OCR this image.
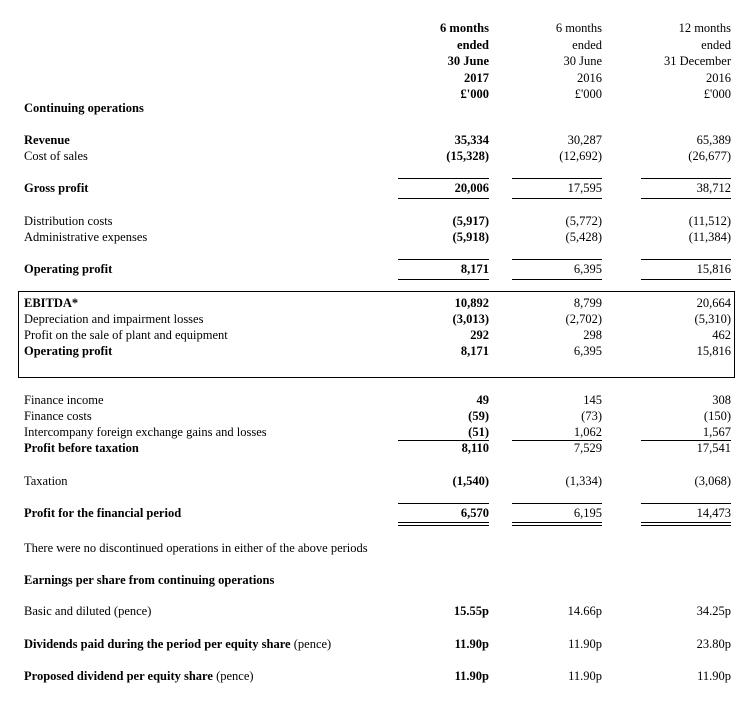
6 months
ended
30 June
2017
£'000
6 months
ended
30 June
2016
£'000
12 months
ended
31 December
2016
£'000
Continuing operations
Revenue	35,334	30,287	65,389
Cost of sales	(15,328)	(12,692)	(26,677)
Gross profit	20,006	17,595	38,712
Distribution costs	(5,917)	(5,772)	(11,512)
Administrative expenses	(5,918)	(5,428)	(11,384)
Operating profit	8,171	6,395	15,816
EBITDA*	10,892	8,799	20,664
Depreciation and impairment losses	(3,013)	(2,702)	(5,310)
Profit on the sale of plant and equipment	292	298	462
Operating profit	8,171	6,395	15,816
Finance income	49	145	308
Finance costs	(59)	(73)	(150)
Intercompany foreign exchange gains and losses	(51)	1,062	1,567
Profit before taxation	8,110	7,529	17,541
Taxation	(1,540)	(1,334)	(3,068)
Profit for the financial period	6,570	6,195	14,473
There were no discontinued operations in either of the above periods
Earnings per share from continuing operations
Basic and diluted (pence)	15.55p	14.66p	34.25p
Dividends paid during the period per equity share (pence)	11.90p	11.90p	23.80p
Proposed dividend per equity share (pence)	11.90p	11.90p	11.90p
